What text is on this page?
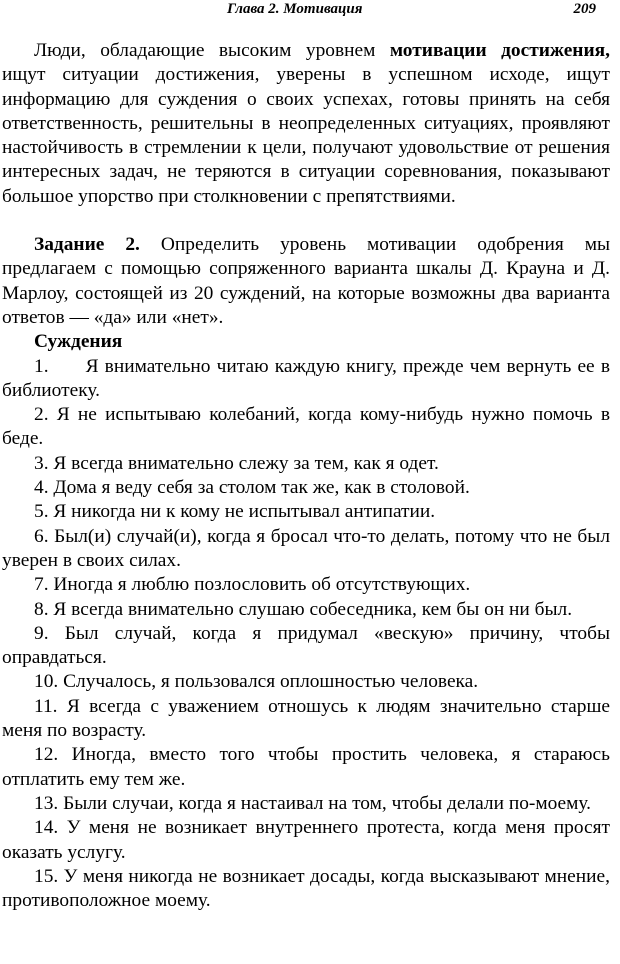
Глава 2. Мотивация	209

Люди, обладающие высоким уровнем мотивации достижения, ищут ситуации достижения, уверены в успешном исходе, ищут информацию для суждения о своих успехах, готовы принять на себя ответственность, решительны в неопределенных ситуациях, проявляют настойчивость в стремлении к цели, получают удовольствие от решения интересных задач, не теряются в ситуации соревнования, показывают большое упорство при столкновении с препятствиями.

Задание 2. Определить уровень мотивации одобрения мы предлагаем с помощью сопряженного варианта шкалы Д. Крауна и Д. Марлоу, состоящей из 20 суждений, на которые возможны два варианта ответов — «да» или «нет».

Суждения

1.      Я внимательно читаю каждую книгу, прежде чем вернуть ее в библиотеку.

2. Я не испытываю колебаний, когда кому-нибудь нужно помочь в беде.

3. Я всегда внимательно слежу за тем, как я одет.

4. Дома я веду себя за столом так же, как в столовой.

5. Я никогда ни к кому не испытывал антипатии.

6. Был(и) случай(и), когда я бросал что-то делать, потому что не был уверен в своих силах.

7. Иногда я люблю позлословить об отсутствующих.

8. Я всегда внимательно слушаю собеседника, кем бы он ни был.

9. Был случай, когда я придумал «вескую» причину, чтобы оправдаться.

10. Случалось, я пользовался оплошностью человека.

11. Я всегда с уважением отношусь к людям значительно старше меня по возрасту.

12. Иногда, вместо того чтобы простить человека, я стараюсь отплатить ему тем же.

13. Были случаи, когда я настаивал на том, чтобы делали по-моему.

14. У меня не возникает внутреннего протеста, когда меня просят оказать услугу.

15. У меня никогда не возникает досады, когда высказывают мнение, противоположное моему.
